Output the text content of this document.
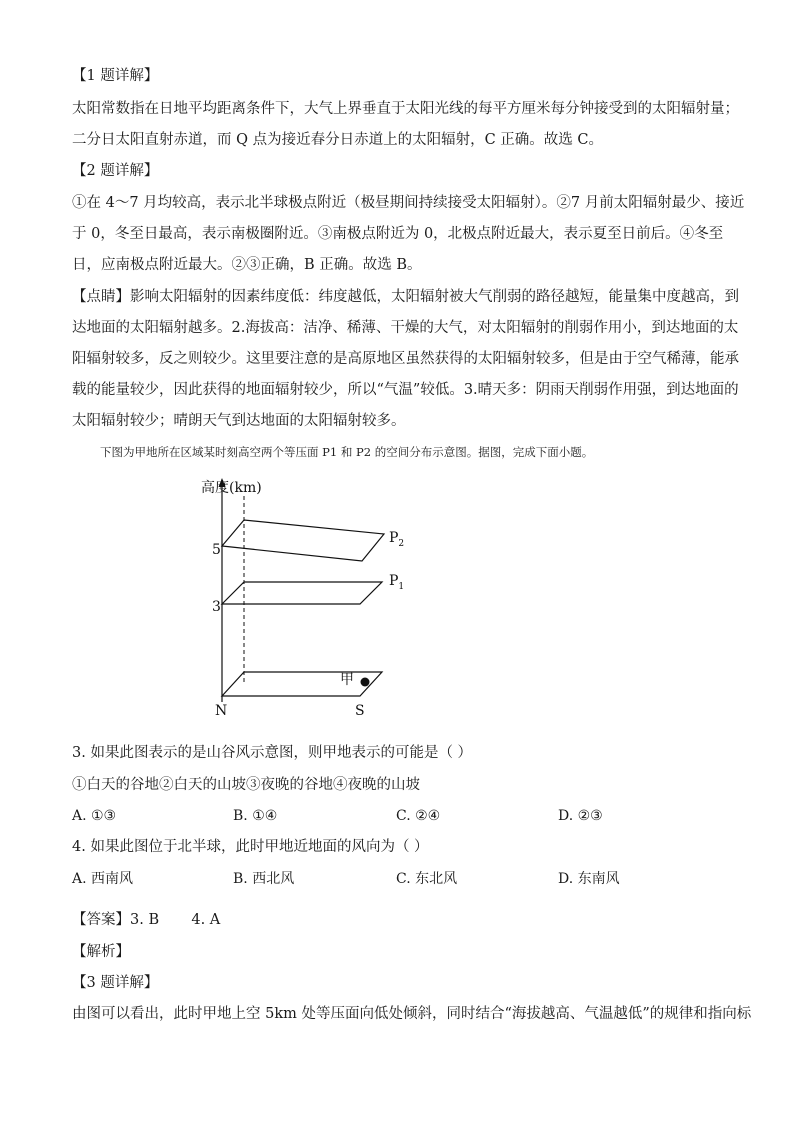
【1 题详解】
太阳常数指在日地平均距离条件下，大气上界垂直于太阳光线的每平方厘米每分钟接受到的太阳辐射量；
二分日太阳直射赤道，而 Q 点为接近春分日赤道上的太阳辐射，C 正确。故选 C。
【2 题详解】
①在 4～7 月均较高，表示北半球极点附近（极昼期间持续接受太阳辐射）。②7 月前太阳辐射最少、接近
于 0，冬至日最高，表示南极圈附近。③南极点附近为 0，北极点附近最大，表示夏至日前后。④冬至
日，应南极点附近最大。②③正确，B 正确。故选 B。
【点睛】影响太阳辐射的因素纬度低：纬度越低，太阳辐射被大气削弱的路径越短，能量集中度越高，到
达地面的太阳辐射越多。2.海拔高：洁净、稀薄、干燥的大气，对太阳辐射的削弱作用小，到达地面的太
阳辐射较多，反之则较少。这里要注意的是高原地区虽然获得的太阳辐射较多，但是由于空气稀薄，能承
载的能量较少，因此获得的地面辐射较少，所以“气温”较低。3.晴天多：阴雨天削弱作用强，到达地面的
太阳辐射较少；晴朗天气到达地面的太阳辐射较多。
下图为甲地所在区域某时刻高空两个等压面 P1 和 P2 的空间分布示意图。据图，完成下面小题。
高度(km)
5
3
$P_2$
$P_1$
甲
N	S
3. 如果此图表示的是山谷风示意图，则甲地表示的可能是（ ）
①白天的谷地②白天的山坡③夜晚的谷地④夜晚的山坡
A. ①③	B. ①④	C. ②④	D. ②③
4. 如果此图位于北半球，此时甲地近地面的风向为（ ）
A. 西南风	B. 西北风	C. 东北风	D. 东南风
【答案】3. B       4. A
【解析】
【3 题详解】
由图可以看出，此时甲地上空 5km 处等压面向低处倾斜，同时结合“海拔越高、气温越低”的规律和指向标
